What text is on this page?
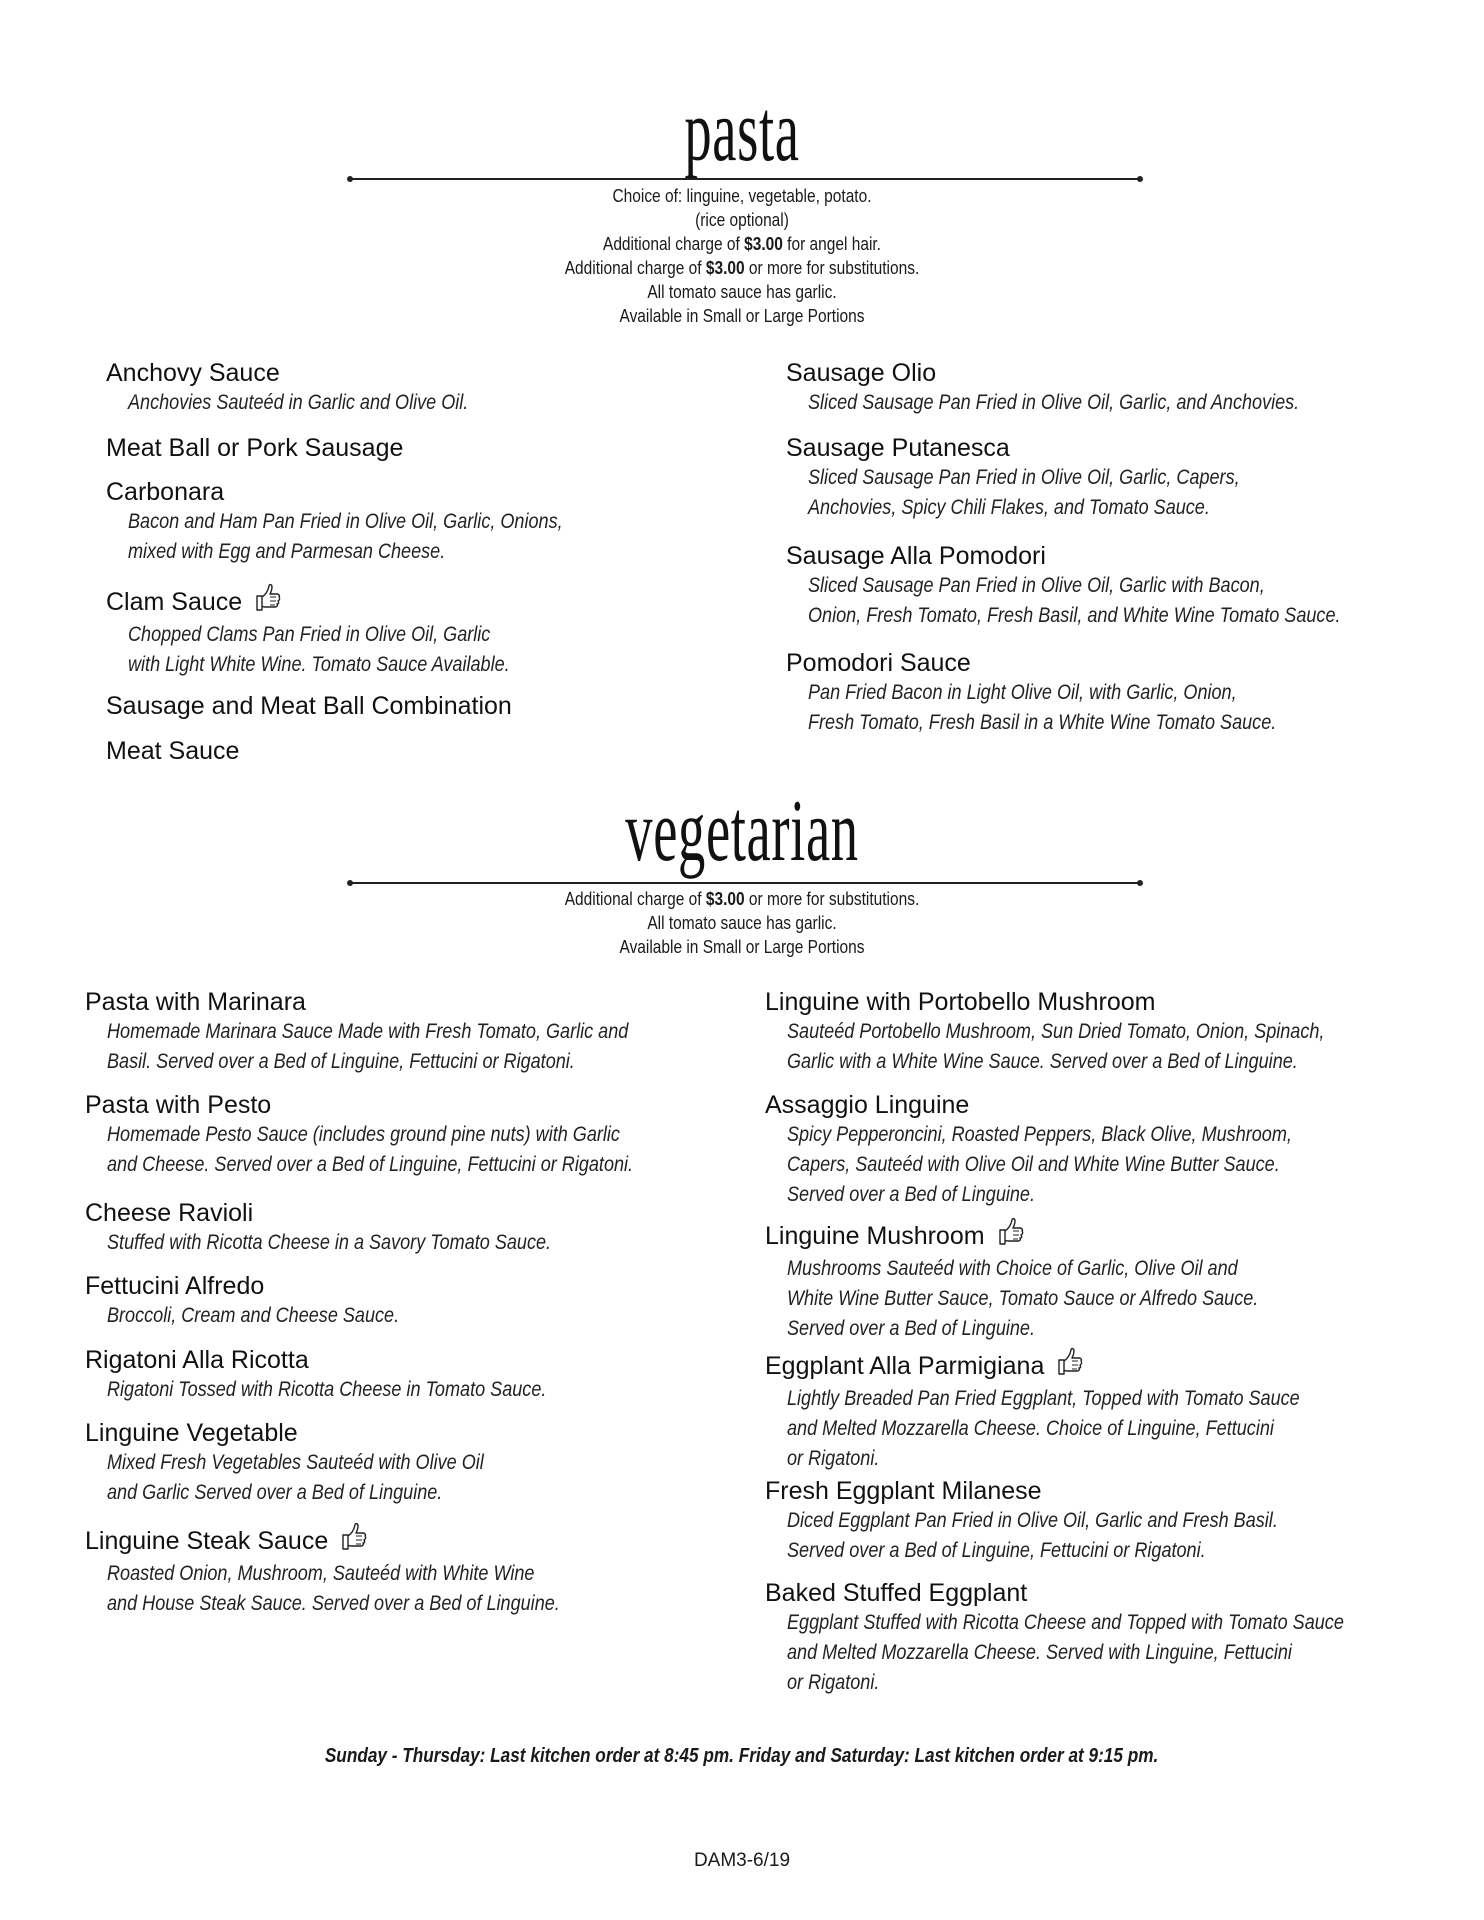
pasta
Choice of: linguine, vegetable, potato.
(rice optional)
Additional charge of $3.00 for angel hair.
Additional charge of $3.00 or more for substitutions.
All tomato sauce has garlic.
Available in Small or Large Portions
Anchovy Sauce
Anchovies Sauteéd in Garlic and Olive Oil.
Meat Ball or Pork Sausage
Carbonara
Bacon and Ham Pan Fried in Olive Oil, Garlic, Onions,
mixed with Egg and Parmesan Cheese.
Clam Sauce
Chopped Clams Pan Fried in Olive Oil, Garlic
with Light White Wine. Tomato Sauce Available.
Sausage and Meat Ball Combination
Meat Sauce
Sausage Olio
Sliced Sausage Pan Fried in Olive Oil, Garlic, and Anchovies.
Sausage Putanesca
Sliced Sausage Pan Fried in Olive Oil, Garlic, Capers,
Anchovies, Spicy Chili Flakes, and Tomato Sauce.
Sausage Alla Pomodori
Sliced Sausage Pan Fried in Olive Oil, Garlic with Bacon,
Onion, Fresh Tomato, Fresh Basil, and White Wine Tomato Sauce.
Pomodori Sauce
Pan Fried Bacon in Light Olive Oil, with Garlic, Onion,
Fresh Tomato, Fresh Basil in a White Wine Tomato Sauce.
vegetarian
Additional charge of $3.00 or more for substitutions.
All tomato sauce has garlic.
Available in Small or Large Portions
Pasta with Marinara
Homemade Marinara Sauce Made with Fresh Tomato, Garlic and
Basil. Served over a Bed of Linguine, Fettucini or Rigatoni.
Pasta with Pesto
Homemade Pesto Sauce (includes ground pine nuts) with Garlic
and Cheese. Served over a Bed of Linguine, Fettucini or Rigatoni.
Cheese Ravioli
Stuffed with Ricotta Cheese in a Savory Tomato Sauce.
Fettucini Alfredo
Broccoli, Cream and Cheese Sauce.
Rigatoni Alla Ricotta
Rigatoni Tossed with Ricotta Cheese in Tomato Sauce.
Linguine Vegetable
Mixed Fresh Vegetables Sauteéd with Olive Oil
and Garlic Served over a Bed of Linguine.
Linguine Steak Sauce
Roasted Onion, Mushroom, Sauteéd with White Wine
and House Steak Sauce. Served over a Bed of Linguine.
Linguine with Portobello Mushroom
Sauteéd Portobello Mushroom, Sun Dried Tomato, Onion, Spinach,
Garlic with a White Wine Sauce. Served over a Bed of Linguine.
Assaggio Linguine
Spicy Pepperoncini, Roasted Peppers, Black Olive, Mushroom,
Capers, Sauteéd with Olive Oil and White Wine Butter Sauce.
Served over a Bed of Linguine.
Linguine Mushroom
Mushrooms Sauteéd with Choice of Garlic, Olive Oil and
White Wine Butter Sauce, Tomato Sauce or Alfredo Sauce.
Served over a Bed of Linguine.
Eggplant Alla Parmigiana
Lightly Breaded Pan Fried Eggplant, Topped with Tomato Sauce
and Melted Mozzarella Cheese. Choice of Linguine, Fettucini
or Rigatoni.
Fresh Eggplant Milanese
Diced Eggplant Pan Fried in Olive Oil, Garlic and Fresh Basil.
Served over a Bed of Linguine, Fettucini or Rigatoni.
Baked Stuffed Eggplant
Eggplant Stuffed with Ricotta Cheese and Topped with Tomato Sauce
and Melted Mozzarella Cheese. Served with Linguine, Fettucini
or Rigatoni.
Sunday - Thursday: Last kitchen order at 8:45 pm. Friday and Saturday: Last kitchen order at 9:15 pm.
DAM3-6/19
